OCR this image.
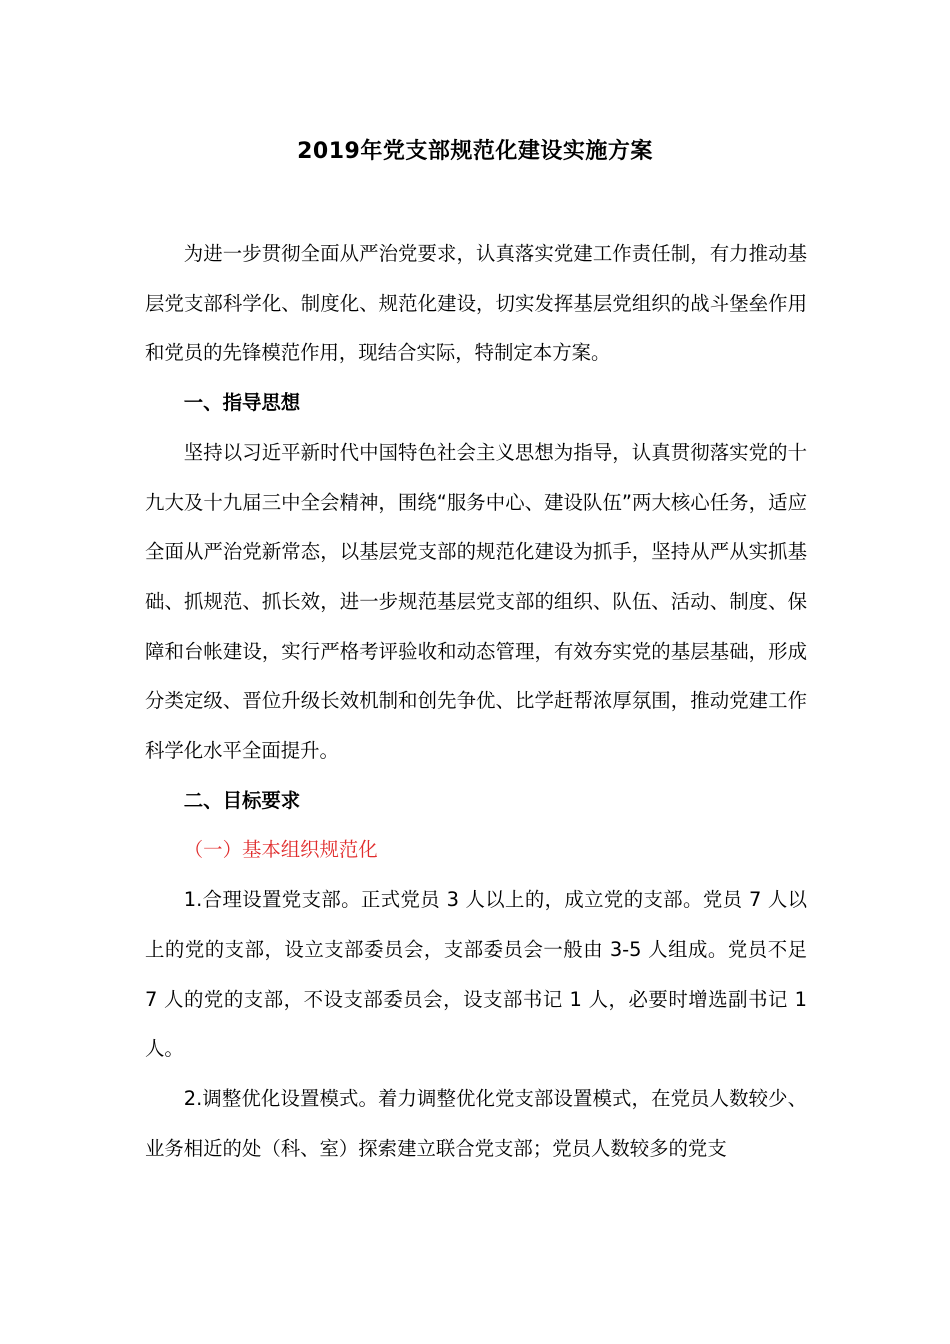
2019年党支部规范化建设实施方案

为进一步贯彻全面从严治党要求，认真落实党建工作责任制，有力推动基层党支部科学化、制度化、规范化建设，切实发挥基层党组织的战斗堡垒作用和党员的先锋模范作用，现结合实际，特制定本方案。

一、指导思想

坚持以习近平新时代中国特色社会主义思想为指导，认真贯彻落实党的十九大及十九届三中全会精神，围绕“服务中心、建设队伍”两大核心任务，适应全面从严治党新常态，以基层党支部的规范化建设为抓手，坚持从严从实抓基础、抓规范、抓长效，进一步规范基层党支部的组织、队伍、活动、制度、保障和台帐建设，实行严格考评验收和动态管理，有效夯实党的基层基础，形成分类定级、晋位升级长效机制和创先争优、比学赶帮浓厚氛围，推动党建工作科学化水平全面提升。

二、目标要求

（一）基本组织规范化

1.合理设置党支部。正式党员 3 人以上的，成立党的支部。党员 7 人以上的党的支部，设立支部委员会，支部委员会一般由 3-5 人组成。党员不足 7 人的党的支部，不设支部委员会，设支部书记 1 人，必要时增选副书记 1 人。

2.调整优化设置模式。着力调整优化党支部设置模式，在党员人数较少、业务相近的处（科、室）探索建立联合党支部；党员人数较多的党支
